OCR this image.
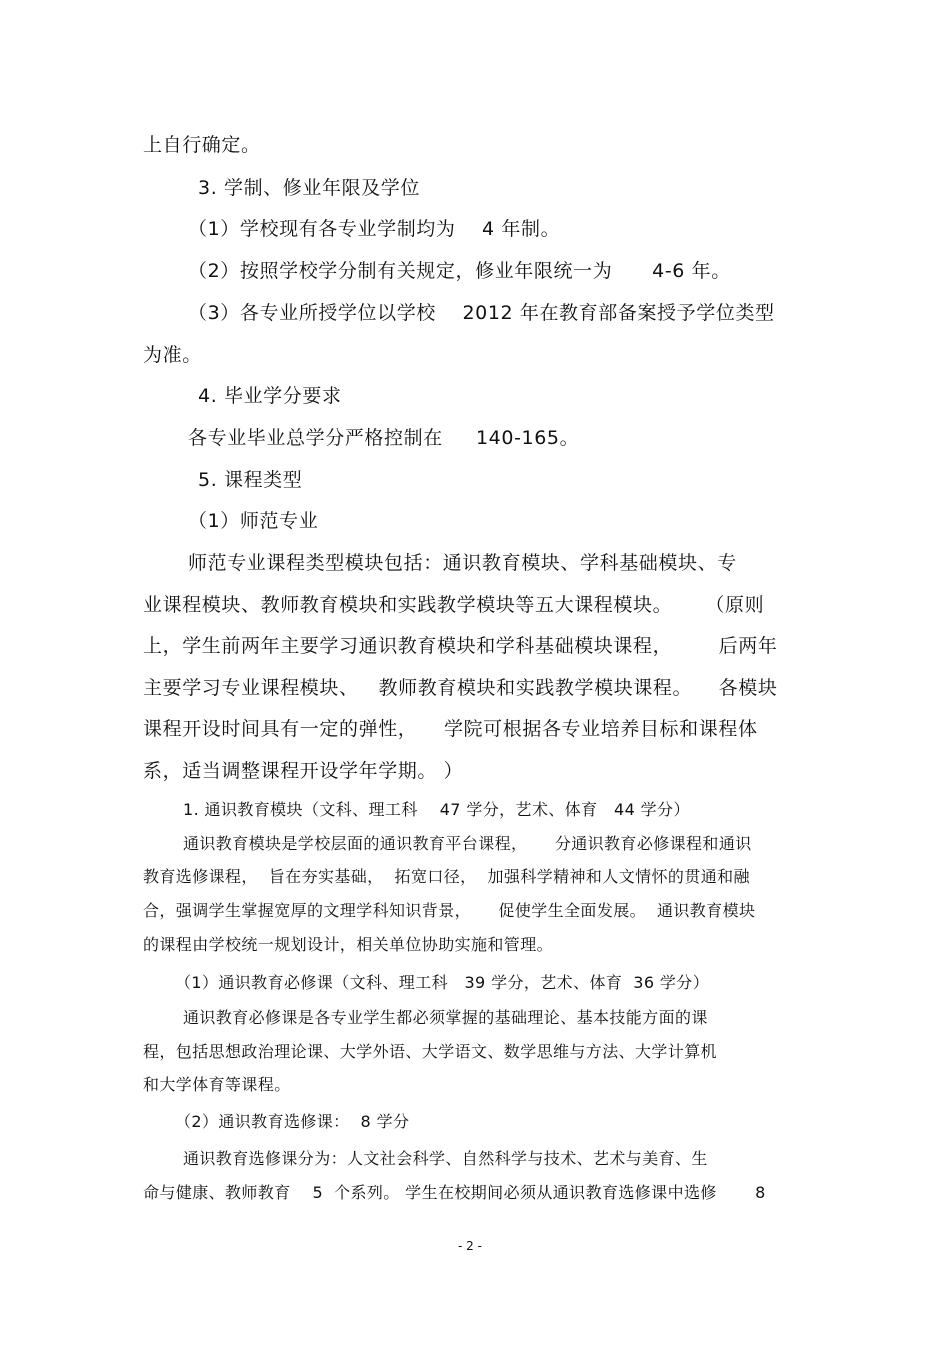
上自行确定。
3. 学制、修业年限及学位
（1）学校现有各专业学制均为    4 年制。
（2）按照学校学分制有关规定，修业年限统一为      4-6 年。
（3）各专业所授学位以学校    2012 年在教育部备案授予学位类型
为准。
4. 毕业学分要求
各专业毕业总学分严格控制在     140-165。
5. 课程类型
（1）师范专业
师范专业课程类型模块包括：通识教育模块、学科基础模块、专
业课程模块、教师教育模块和实践教学模块等五大课程模块。     （原则
上，学生前两年主要学习通识教育模块和学科基础模块课程，       后两年
主要学习专业课程模块、   教师教育模块和实践教学模块课程。    各模块
课程开设时间具有一定的弹性，    学院可根据各专业培养目标和课程体
系，适当调整课程开设学年学期。 ）
1. 通识教育模块（文科、理工科    47 学分，艺术、体育   44 学分）
通识教育模块是学校层面的通识教育平台课程，     分通识教育必修课程和通识
教育选修课程，  旨在夯实基础，  拓宽口径，  加强科学精神和人文情怀的贯通和融
合，强调学生掌握宽厚的文理学科知识背景，     促使学生全面发展。  通识教育模块
的课程由学校统一规划设计，相关单位协助实施和管理。
（1）通识教育必修课（文科、理工科   39 学分，艺术、体育  36 学分）
通识教育必修课是各专业学生都必须掌握的基础理论、基本技能方面的课
程，包括思想政治理论课、大学外语、大学语文、数学思维与方法、大学计算机
和大学体育等课程。
（2）通识教育选修课：  8 学分
通识教育选修课分为：人文社会科学、自然科学与技术、艺术与美育、生
命与健康、教师教育    5  个系列。 学生在校期间必须从通识教育选修课中选修       8
- 2 -
